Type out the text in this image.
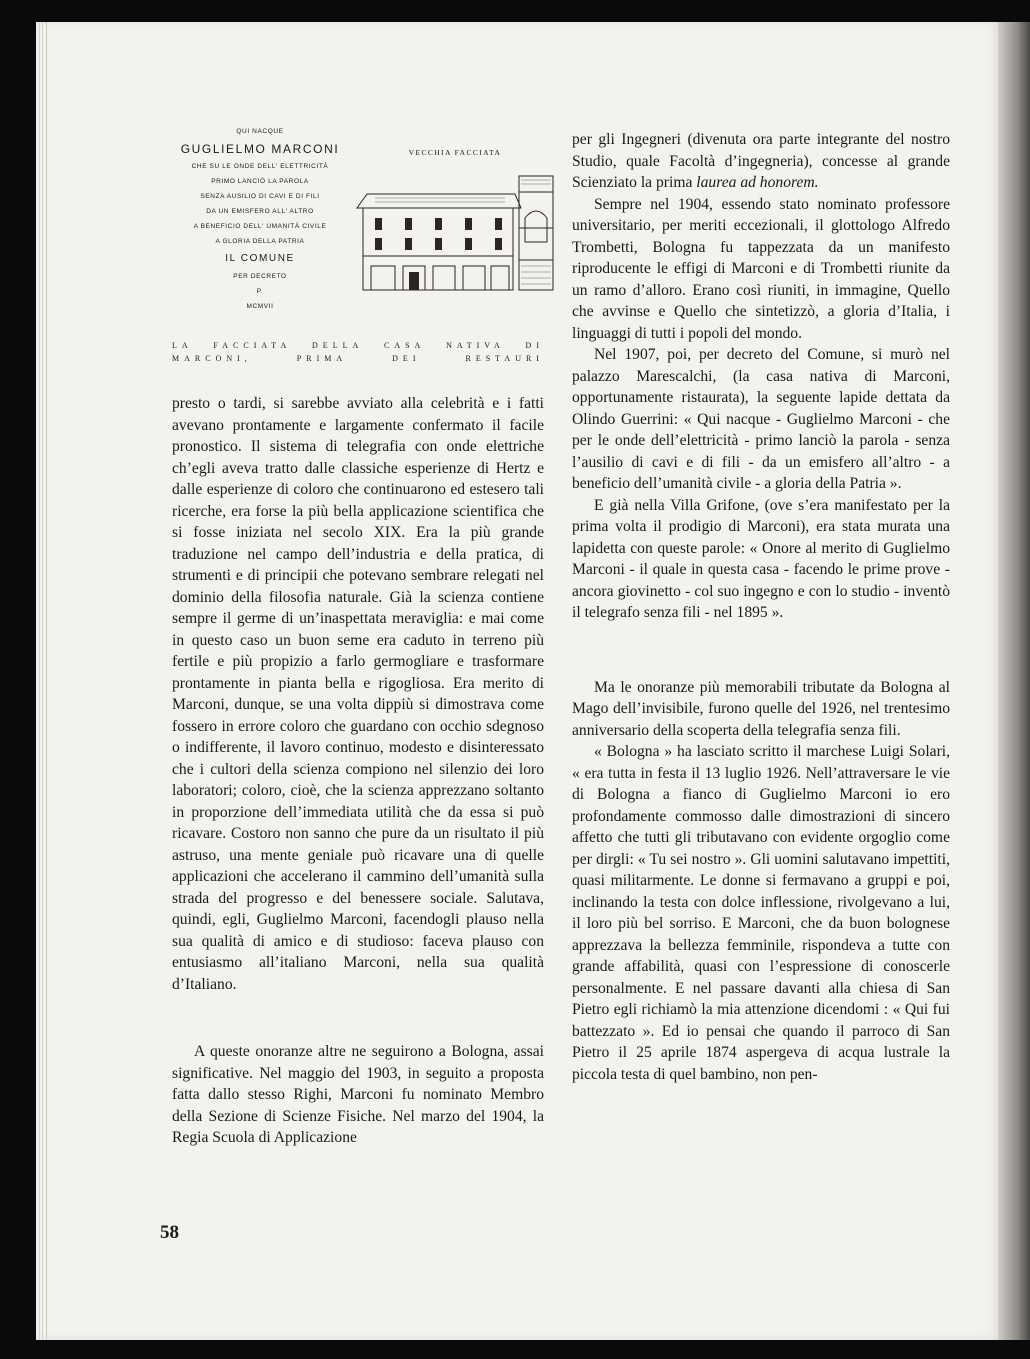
QUI NACQUE
GUGLIELMO MARCONI
CHE SU LE ONDE DELL' ELETTRICITÀ
PRIMO LANCIÒ LA PAROLA
SENZA AUSILIO DI CAVI E DI FILI
DA UN EMISFERO ALL' ALTRO
A BENEFICIO DELL' UMANITÀ CIVILE
A GLORIA DELLA PATRIA
IL COMUNE
PER DECRETO
P.
MCMVII
VECCHIA FACCIATA
LA	FACCIATA	DELLA	CASA	NATIVA	DI
MARCONI,	PRIMA	DEI	RESTAURI

presto o tardi, si sarebbe avviato alla celebrità e i fatti avevano prontamente e largamente confermato il facile pronostico. Il sistema di telegrafia con onde elettriche ch’egli aveva tratto dalle classiche esperienze di Hertz e dalle esperienze di coloro che continuarono ed estesero tali ricerche, era forse la più bella applicazione scientifica che si fosse iniziata nel secolo XIX. Era la più grande traduzione nel campo dell’industria e della pratica, di strumenti e di principii che potevano sembrare relegati nel dominio della filosofia naturale. Già la scienza contiene sempre il germe di un’inaspettata meraviglia: e mai come in questo caso un buon seme era caduto in terreno più fertile e più propizio a farlo germogliare e trasformare prontamente in pianta bella e rigogliosa. Era merito di Marconi, dunque, se una volta dippiù si dimostrava come fossero in errore coloro che guardano con occhio sdegnoso o indifferente, il lavoro continuo, modesto e disinteressato che i cultori della scienza compiono nel silenzio dei loro laboratori; coloro, cioè, che la scienza apprezzano soltanto in proporzione dell’immediata utilità che da essa si può ricavare. Costoro non sanno che pure da un risultato il più astruso, una mente geniale può ricavare una di quelle applicazioni che accelerano il cammino dell’umanità sulla strada del progresso e del benessere sociale. Salutava, quindi, egli, Guglielmo Marconi, facendogli plauso nella sua qualità di amico e di studioso: faceva plauso con entusiasmo all’italiano Marconi, nella sua qualità d’Italiano.

A queste onoranze altre ne seguirono a Bologna, assai significative. Nel maggio del 1903, in seguito a proposta fatta dallo stesso Righi, Marconi fu nominato Membro della Sezione di Scienze Fisiche. Nel marzo del 1904, la Regia Scuola di Applicazione

per gli Ingegneri (divenuta ora parte integrante del nostro Studio, quale Facoltà d’ingegneria), concesse al grande Scienziato la prima laurea ad honorem.

Sempre nel 1904, essendo stato nominato professore universitario, per meriti eccezionali, il glottologo Alfredo Trombetti, Bologna fu tappezzata da un manifesto riproducente le effigi di Marconi e di Trombetti riunite da un ramo d’alloro. Erano così riuniti, in immagine, Quello che avvinse e Quello che sintetizzò, a gloria d’Italia, i linguaggi di tutti i popoli del mondo.

Nel 1907, poi, per decreto del Comune, si murò nel palazzo Marescalchi, (la casa nativa di Marconi, opportunamente ristaurata), la seguente lapide dettata da Olindo Guerrini: « Qui nacque - Guglielmo Marconi - che per le onde dell’elettricità - primo lanciò la parola - senza l’ausilio di cavi e di fili - da un emisfero all’altro - a beneficio dell’umanità civile - a gloria della Patria ».

E già nella Villa Grifone, (ove s’era manifestato per la prima volta il prodigio di Marconi), era stata murata una lapidetta con queste parole: « Onore al merito di Guglielmo Marconi - il quale in questa casa - facendo le prime prove - ancora giovinetto - col suo ingegno e con lo studio - inventò il telegrafo senza fili - nel 1895 ».

Ma le onoranze più memorabili tributate da Bologna al Mago dell’invisibile, furono quelle del 1926, nel trentesimo anniversario della scoperta della telegrafia senza fili.

« Bologna » ha lasciato scritto il marchese Luigi Solari, « era tutta in festa il 13 luglio 1926. Nell’attraversare le vie di Bologna a fianco di Guglielmo Marconi io ero profondamente commosso dalle dimostrazioni di sincero affetto che tutti gli tributavano con evidente orgoglio come per dirgli: « Tu sei nostro ». Gli uomini salutavano impettiti, quasi militarmente. Le donne si fermavano a gruppi e poi, inclinando la testa con dolce inflessione, rivolgevano a lui, il loro più bel sorriso. E Marconi, che da buon bolognese apprezzava la bellezza femminile, rispondeva a tutte con grande affabilità, quasi con l’espressione di conoscerle personalmente. E nel passare davanti alla chiesa di San Pietro egli richiamò la mia attenzione dicendomi : « Qui fui battezzato ». Ed io pensai che quando il parroco di San Pietro il 25 aprile 1874 aspergeva di acqua lustrale la piccola testa di quel bambino, non pen-

58
